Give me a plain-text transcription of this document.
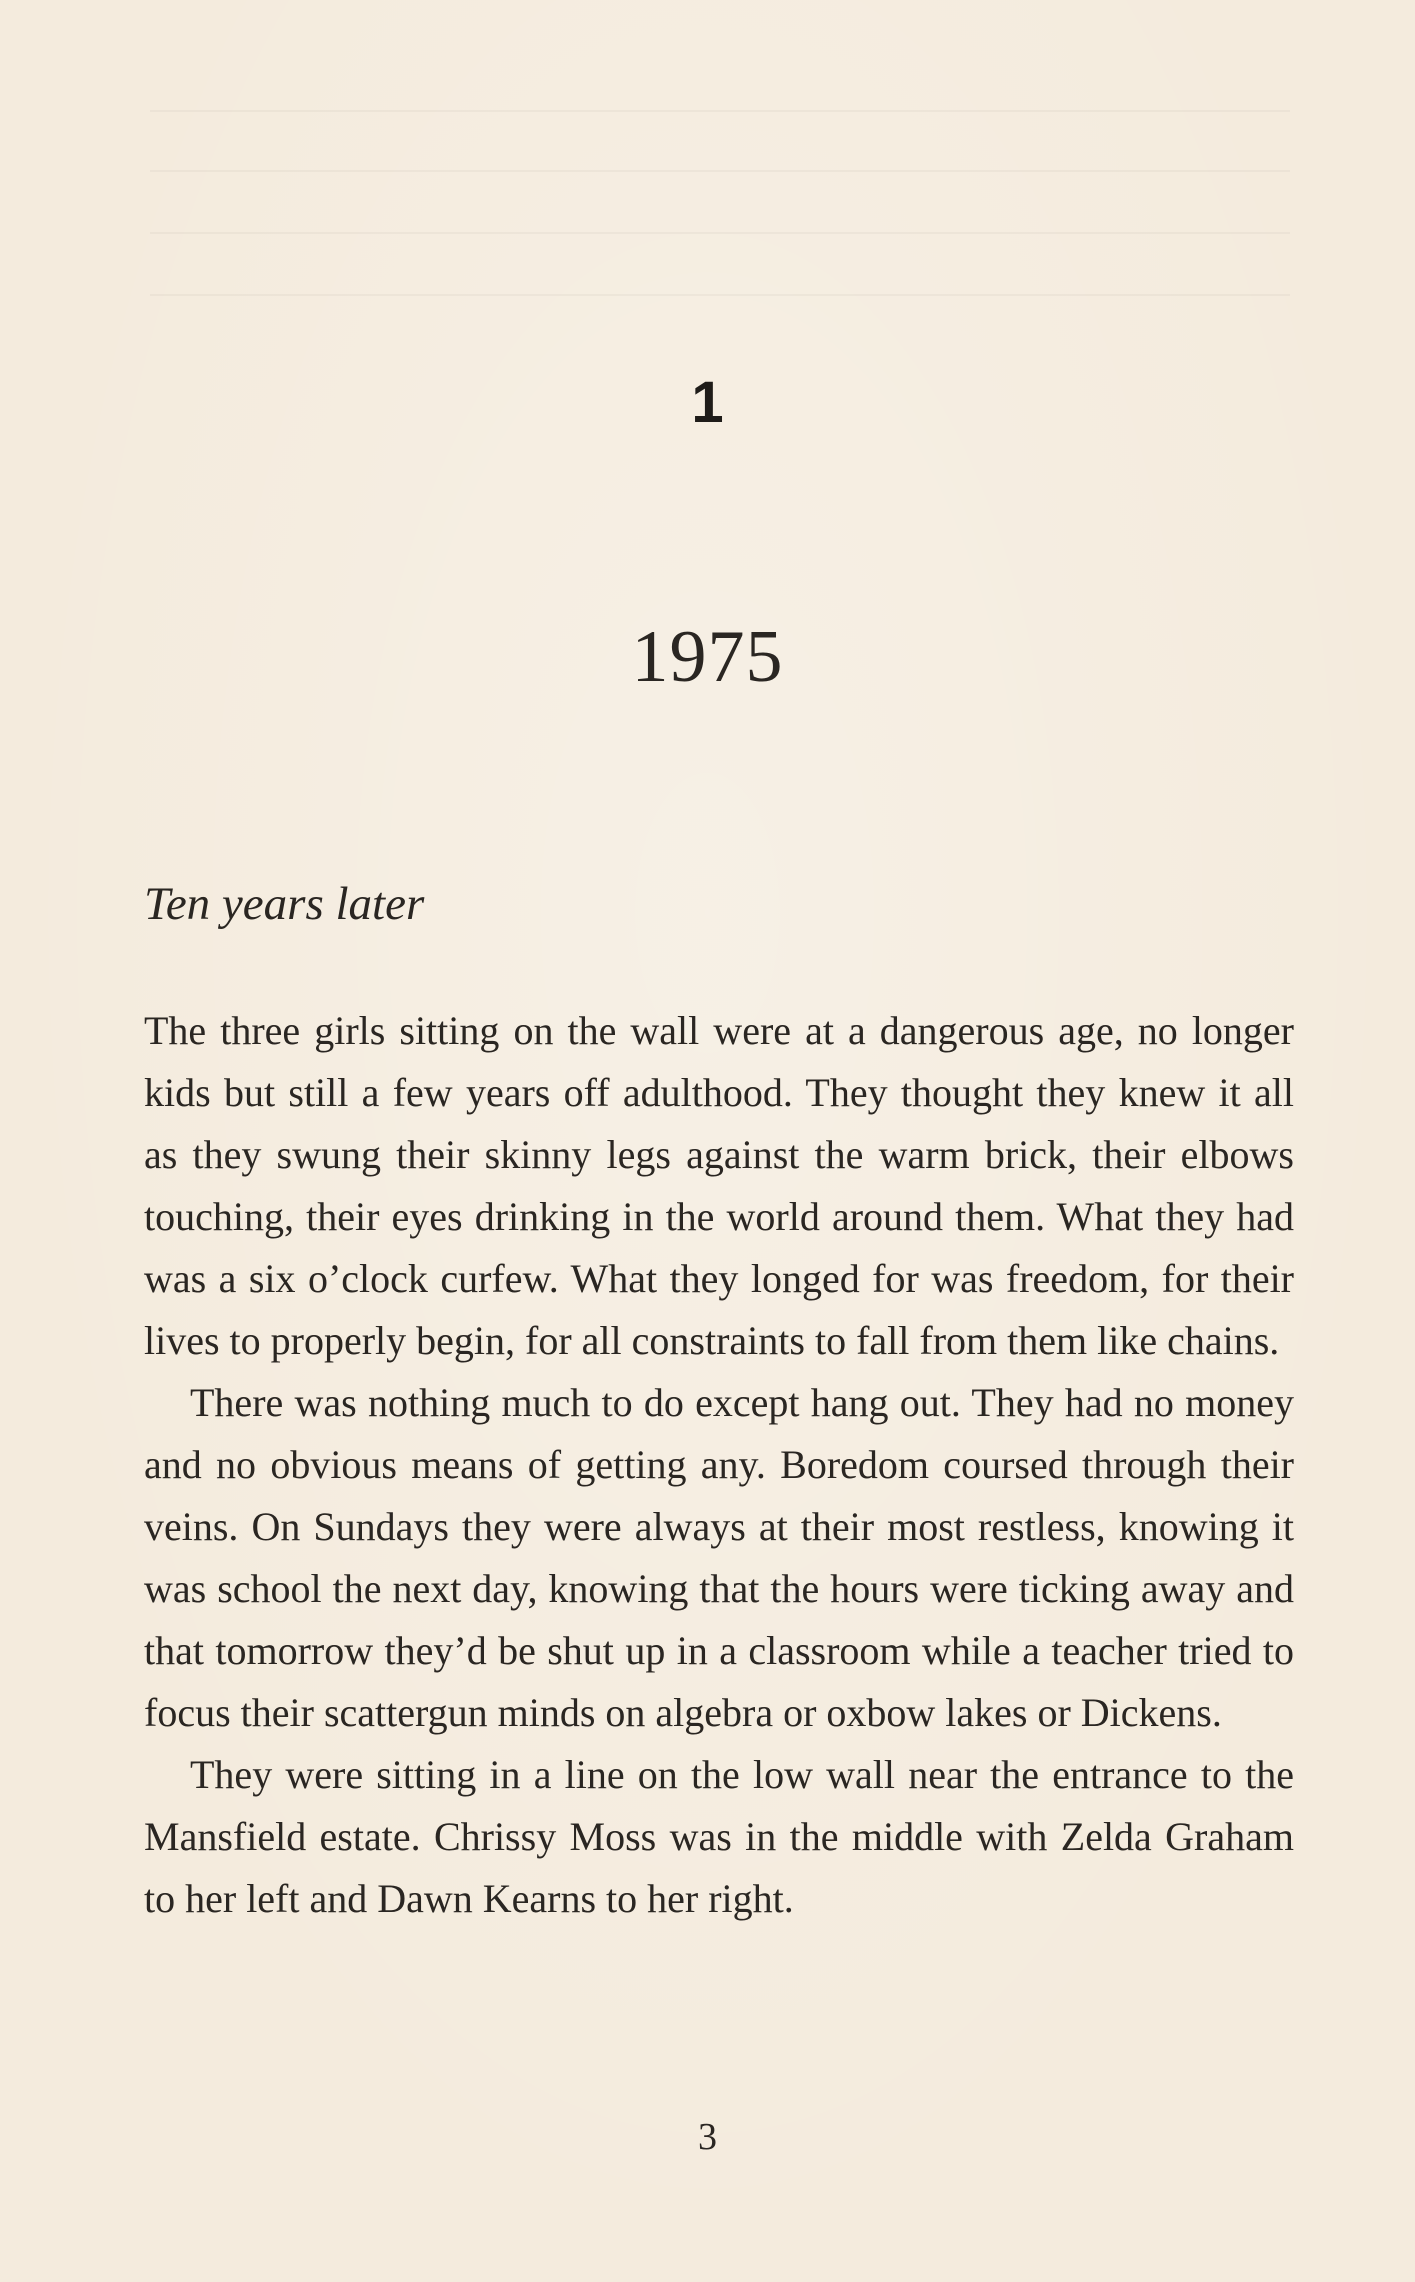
1
1975
Ten years later

The three girls sitting on the wall were at a dangerous age, no longer kids but still a few years off adulthood. They thought they knew it all as they swung their skinny legs against the warm brick, their elbows touching, their eyes drinking in the world around them. What they had was a six o’clock curfew. What they longed for was freedom, for their lives to properly begin, for all constraints to fall from them like chains.

There was nothing much to do except hang out. They had no money and no obvious means of getting any. Boredom coursed through their veins. On Sundays they were always at their most restless, knowing it was school the next day, knowing that the hours were ticking away and that tomorrow they’d be shut up in a classroom while a teacher tried to focus their scattergun minds on algebra or oxbow lakes or Dickens.

They were sitting in a line on the low wall near the entrance to the Mansfield estate. Chrissy Moss was in the middle with Zelda Graham to her left and Dawn Kearns to her right.

3
